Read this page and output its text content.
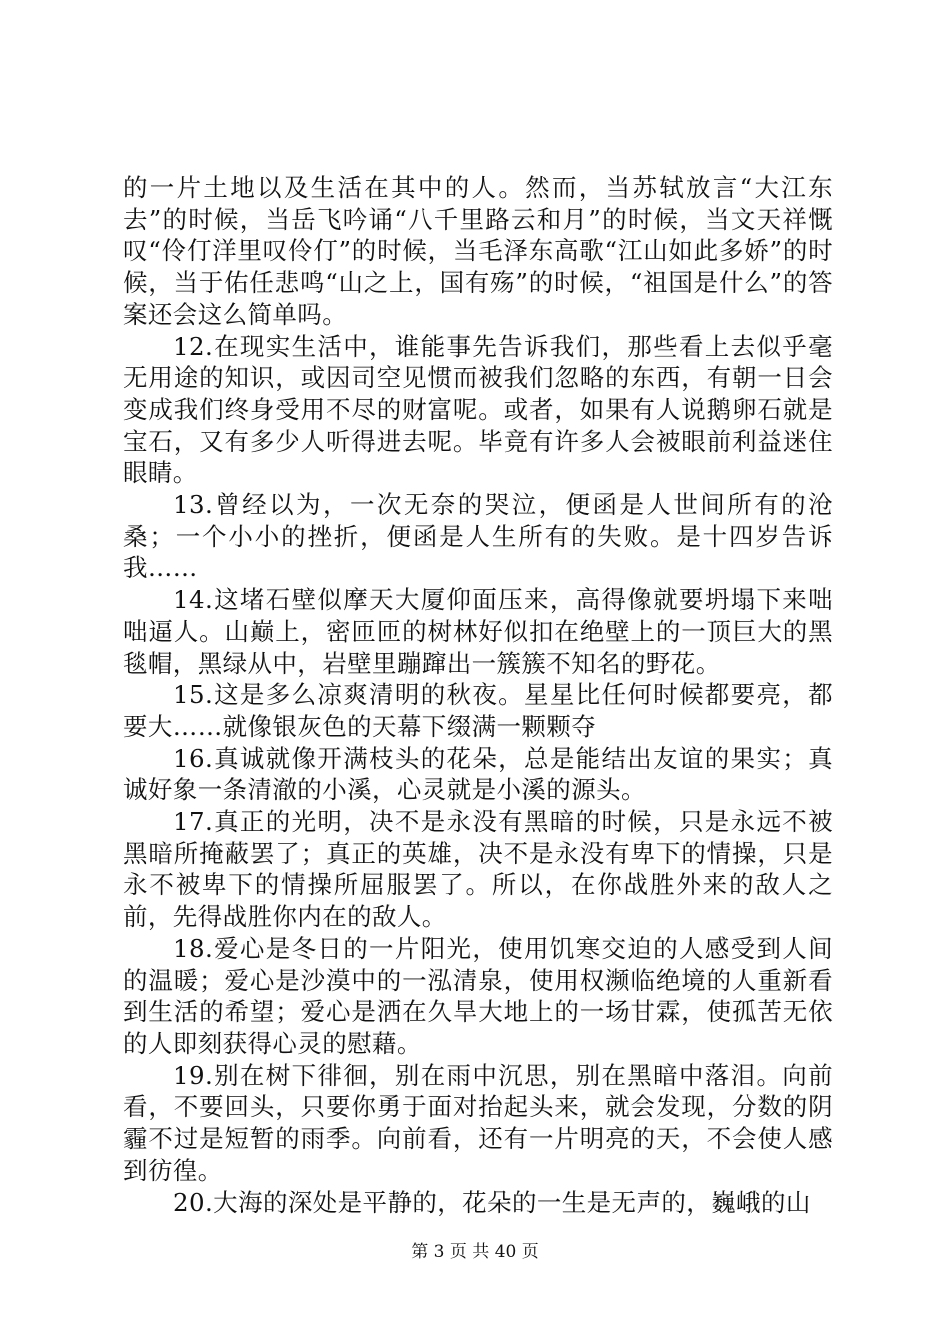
的一片土地以及生活在其中的人。然而，当苏轼放言“大江东去”的时候，当岳飞吟诵“八千里路云和月”的时候，当文天祥慨叹“伶仃洋里叹伶仃”的时候，当毛泽东高歌“江山如此多娇”的时候，当于佑任悲鸣“山之上，国有殇”的时候，“祖国是什么”的答案还会这么简单吗。

12.在现实生活中，谁能事先告诉我们，那些看上去似乎毫无用途的知识，或因司空见惯而被我们忽略的东西，有朝一日会变成我们终身受用不尽的财富呢。或者，如果有人说鹅卵石就是宝石，又有多少人听得进去呢。毕竟有许多人会被眼前利益迷住眼睛。

13.曾经以为，一次无奈的哭泣，便函是人世间所有的沧桑；一个小小的挫折，便函是人生所有的失败。是十四岁告诉我……

14.这堵石壁似摩天大厦仰面压来，高得像就要坍塌下来咄咄逼人。山巅上，密匝匝的树林好似扣在绝壁上的一顶巨大的黑毯帽，黑绿从中，岩壁里蹦蹿出一簇簇不知名的野花。

15.这是多么凉爽清明的秋夜。星星比任何时候都要亮，都要大……就像银灰色的天幕下缀满一颗颗夺

16.真诚就像开满枝头的花朵，总是能结出友谊的果实；真诚好象一条清澈的小溪，心灵就是小溪的源头。

17.真正的光明，决不是永没有黑暗的时候，只是永远不被黑暗所掩蔽罢了；真正的英雄，决不是永没有卑下的情操，只是永不被卑下的情操所屈服罢了。所以，在你战胜外来的敌人之前，先得战胜你内在的敌人。

18.爱心是冬日的一片阳光，使用饥寒交迫的人感受到人间的温暖；爱心是沙漠中的一泓清泉，使用权濒临绝境的人重新看到生活的希望；爱心是洒在久旱大地上的一场甘霖，使孤苦无依的人即刻获得心灵的慰藉。

19.别在树下徘徊，别在雨中沉思，别在黑暗中落泪。向前看，不要回头，只要你勇于面对抬起头来，就会发现，分数的阴霾不过是短暂的雨季。向前看，还有一片明亮的天，不会使人感到彷徨。

20.大海的深处是平静的，花朵的一生是无声的，巍峨的山

第 3 页 共 40 页
